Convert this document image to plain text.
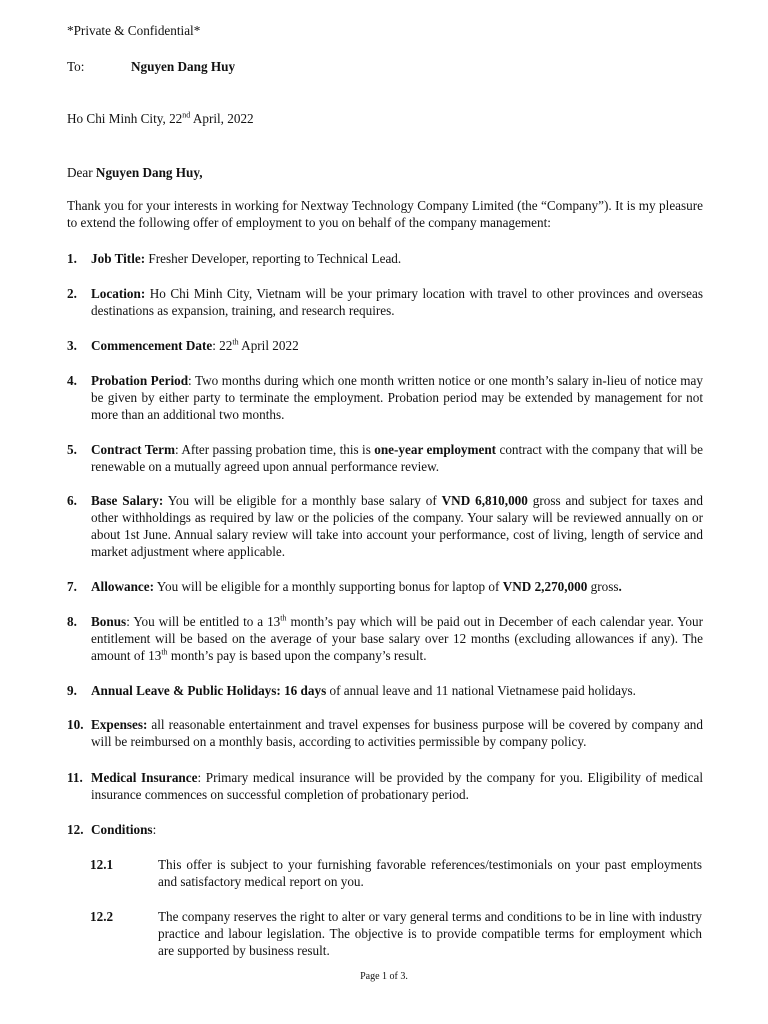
*Private & Confidential*
To:	Nguyen Dang Huy
Ho Chi Minh City, 22nd April, 2022
Dear Nguyen Dang Huy,
Thank you for your interests in working for Nextway Technology Company Limited (the “Company”). It is my pleasure to extend the following offer of employment to you on behalf of the company management:
1. Job Title: Fresher Developer, reporting to Technical Lead.
2. Location: Ho Chi Minh City, Vietnam will be your primary location with travel to other provinces and overseas destinations as expansion, training, and research requires.
3. Commencement Date: 22th April 2022
4. Probation Period: Two months during which one month written notice or one month’s salary in-lieu of notice may be given by either party to terminate the employment. Probation period may be extended by management for not more than an additional two months.
5. Contract Term: After passing probation time, this is one-year employment contract with the company that will be renewable on a mutually agreed upon annual performance review.
6. Base Salary: You will be eligible for a monthly base salary of VND 6,810,000 gross and subject for taxes and other withholdings as required by law or the policies of the company. Your salary will be reviewed annually on or about 1st June. Annual salary review will take into account your performance, cost of living, length of service and market adjustment where applicable.
7. Allowance: You will be eligible for a monthly supporting bonus for laptop of VND 2,270,000 gross.
8. Bonus: You will be entitled to a 13th month’s pay which will be paid out in December of each calendar year. Your entitlement will be based on the average of your base salary over 12 months (excluding allowances if any). The amount of 13th month’s pay is based upon the company’s result.
9. Annual Leave & Public Holidays: 16 days of annual leave and 11 national Vietnamese paid holidays.
10. Expenses: all reasonable entertainment and travel expenses for business purpose will be covered by company and will be reimbursed on a monthly basis, according to activities permissible by company policy.
11. Medical Insurance: Primary medical insurance will be provided by the company for you. Eligibility of medical insurance commences on successful completion of probationary period.
12. Conditions:
12.1	This offer is subject to your furnishing favorable references/testimonials on your past employments and satisfactory medical report on you.
12.2	The company reserves the right to alter or vary general terms and conditions to be in line with industry practice and labour legislation. The objective is to provide compatible terms for employment which are supported by business result.
Page 1 of 3.
